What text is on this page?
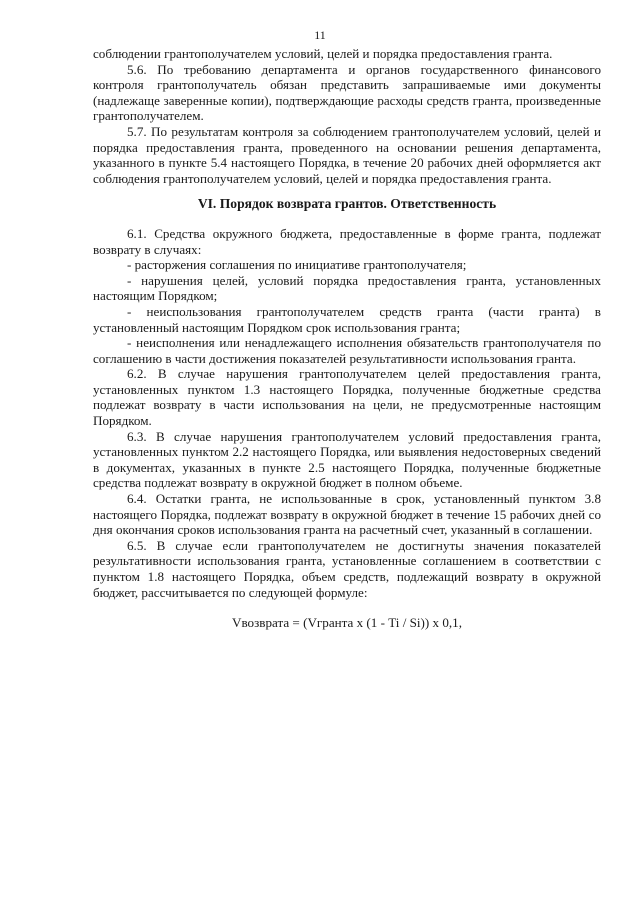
11

соблюдении грантополучателем условий, целей и порядка предоставления гранта.

5.6. По требованию департамента и органов государственного финансового контроля грантополучатель обязан представить запрашиваемые ими документы (надлежаще заверенные копии), подтверждающие расходы средств гранта, произведенные грантополучателем.

5.7. По результатам контроля за соблюдением грантополучателем условий, целей и порядка предоставления гранта, проведенного на основании решения департамента, указанного в пункте 5.4 настоящего Порядка, в течение 20 рабочих дней оформляется акт соблюдения грантополучателем условий, целей и порядка предоставления гранта.

VI. Порядок возврата грантов. Ответственность

6.1. Средства окружного бюджета, предоставленные в форме гранта, подлежат возврату в случаях:

- расторжения соглашения по инициативе грантополучателя;

- нарушения целей, условий порядка предоставления гранта, установленных настоящим Порядком;

- неиспользования грантополучателем средств гранта (части гранта) в установленный настоящим Порядком срок использования гранта;

- неисполнения или ненадлежащего исполнения обязательств грантополучателя по соглашению в части достижения показателей результативности использования гранта.

6.2. В случае нарушения грантополучателем целей предоставления гранта, установленных пунктом 1.3 настоящего Порядка, полученные бюджетные средства подлежат возврату в части использования на цели, не предусмотренные настоящим Порядком.

6.3. В случае нарушения грантополучателем условий предоставления гранта, установленных пунктом 2.2 настоящего Порядка, или выявления недостоверных сведений в документах, указанных в пункте 2.5 настоящего Порядка, полученные бюджетные средства подлежат возврату в окружной бюджет в полном объеме.

6.4. Остатки гранта, не использованные в срок, установленный пунктом 3.8 настоящего Порядка, подлежат возврату в окружной бюджет в течение 15 рабочих дней со дня окончания сроков использования гранта на расчетный счет, указанный в соглашении.

6.5. В случае если грантополучателем не достигнуты значения показателей результативности использования гранта, установленные соглашением в соответствии с пунктом 1.8 настоящего Порядка, объем средств, подлежащий возврату в окружной бюджет, рассчитывается по следующей формуле:

Vвозврата = (Vгранта х (1 - Ti / Si)) х 0,1,
